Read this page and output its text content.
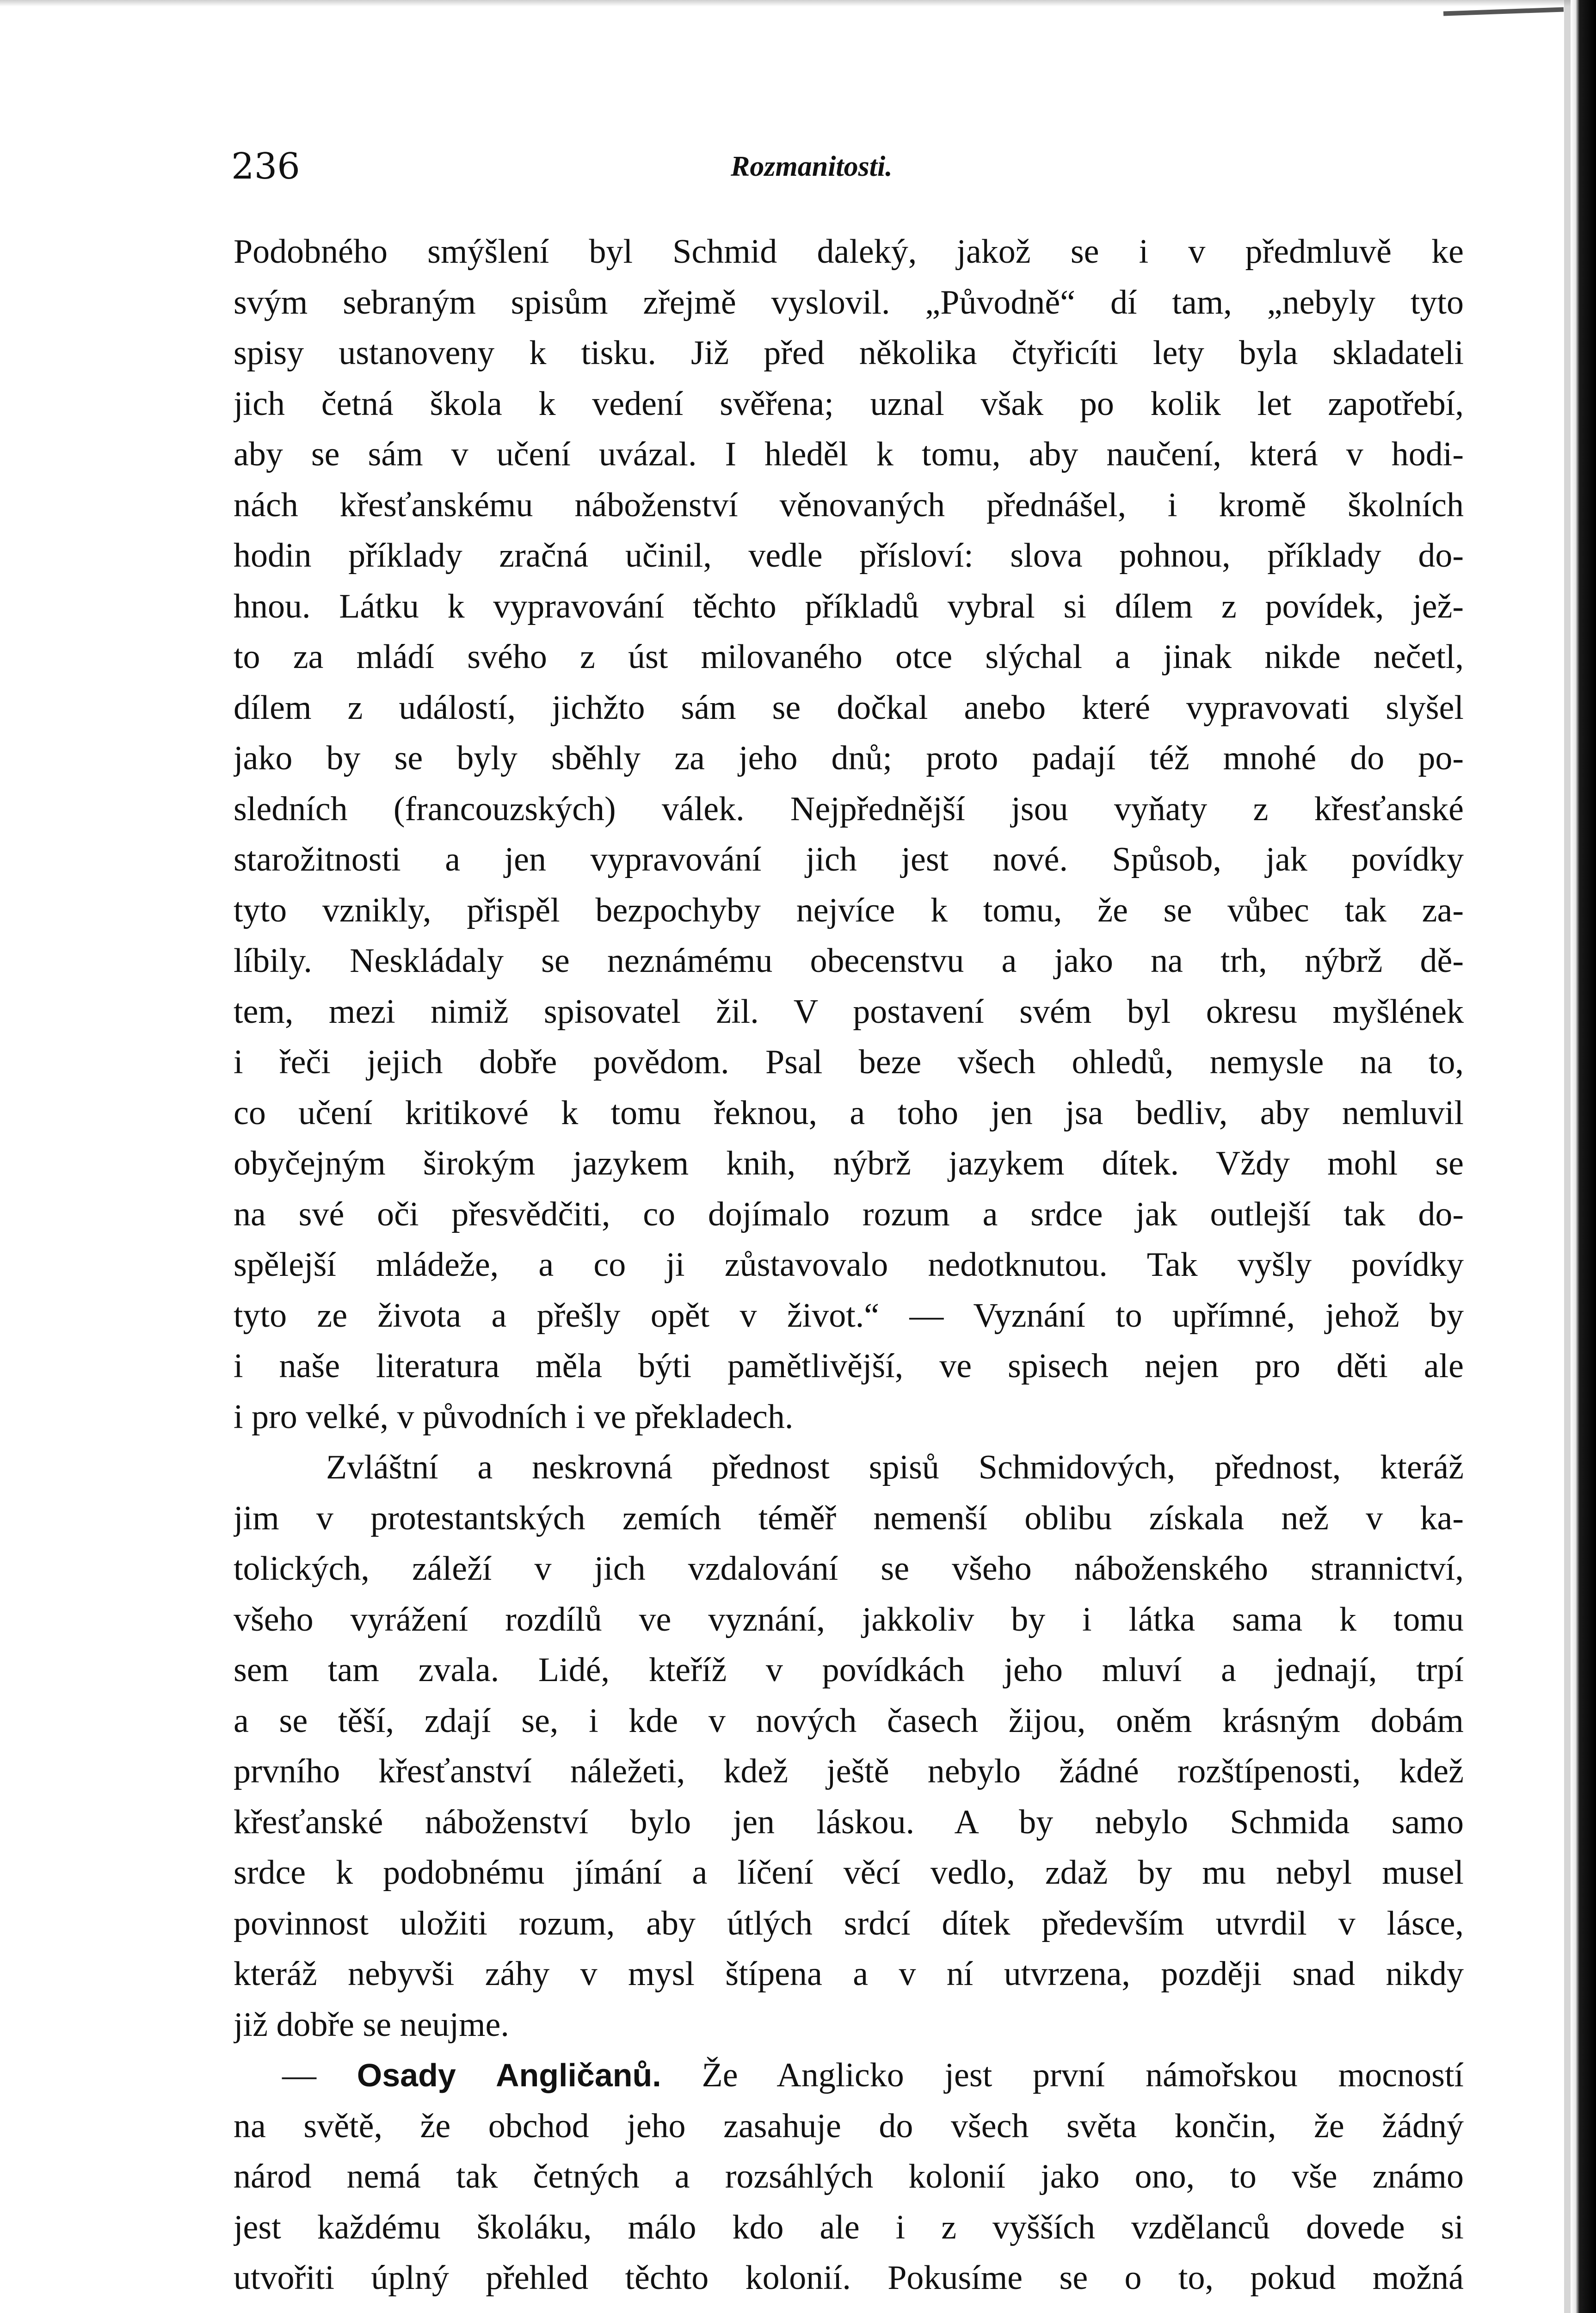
236	Rozmanitosti.
Podobného smýšlení byl Schmid daleký, jakož se i v předmluvě ke
svým sebraným spisům zřejmě vyslovil. „Původně“ dí tam, „nebyly tyto
spisy ustanoveny k tisku. Již před několika čtyřicíti lety byla skladateli
jich četná škola k vedení svěřena; uznal však po kolik let zapotřebí,
aby se sám v učení uvázal. I hleděl k tomu, aby naučení, která v hodi-
nách křesťanskému náboženství věnovaných přednášel, i kromě školních
hodin příklady zračná učinil, vedle přísloví: slova pohnou, příklady do-
hnou. Látku k vypravování těchto příkladů vybral si dílem z povídek, jež-
to za mládí svého z úst milovaného otce slýchal a jinak nikde nečetl,
dílem z událostí, jichžto sám se dočkal anebo které vypravovati slyšel
jako by se byly sběhly za jeho dnů; proto padají též mnohé do po-
sledních (francouzských) válek. Nejpřednější jsou vyňaty z křesťanské
starožitnosti a jen vypravování jich jest nové. Spůsob, jak povídky
tyto vznikly, přispěl bezpochyby nejvíce k tomu, že se vůbec tak za-
líbily. Neskládaly se neznámému obecenstvu a jako na trh, nýbrž dě-
tem, mezi nimiž spisovatel žil. V postavení svém byl okresu myšlének
i řeči jejich dobře povědom. Psal beze všech ohledů, nemysle na to,
co učení kritikové k tomu řeknou, a toho jen jsa bedliv, aby nemluvil
obyčejným širokým jazykem knih, nýbrž jazykem dítek. Vždy mohl se
na své oči přesvědčiti, co dojímalo rozum a srdce jak outlejší tak do-
spělejší mládeže, a co ji zůstavovalo nedotknutou. Tak vyšly povídky
tyto ze života a přešly opět v život.“ — Vyznání to upřímné, jehož by
i naše literatura měla býti pamětlivější, ve spisech nejen pro děti ale
i pro velké, v původních i ve překladech.
Zvláštní a neskrovná přednost spisů Schmidových, přednost, kteráž
jim v protestantských zemích téměř nemenší oblibu získala než v ka-
tolických, záleží v jich vzdalování se všeho náboženského strannictví,
všeho vyrážení rozdílů ve vyznání, jakkoliv by i látka sama k tomu
sem tam zvala. Lidé, kteříž v povídkách jeho mluví a jednají, trpí
a se těší, zdají se, i kde v nových časech žijou, oněm krásným dobám
prvního křesťanství náležeti, kdež ještě nebylo žádné rozštípenosti, kdež
křesťanské náboženství bylo jen láskou. A by nebylo Schmida samo
srdce k podobnému jímání a líčení věcí vedlo, zdaž by mu nebyl musel
povinnost uložiti rozum, aby útlých srdcí dítek především utvrdil v lásce,
kteráž nebyvši záhy v mysl štípena a v ní utvrzena, později snad nikdy
již dobře se neujme.
— Osady Angličanů. Že Anglicko jest první námořskou mocností
na světě, že obchod jeho zasahuje do všech světa končin, že žádný
národ nemá tak četných a rozsáhlých kolonií jako ono, to vše známo
jest každému školáku, málo kdo ale i z vyšších vzdělanců dovede si
utvořiti úplný přehled těchto kolonií. Pokusíme se o to, pokud možná
